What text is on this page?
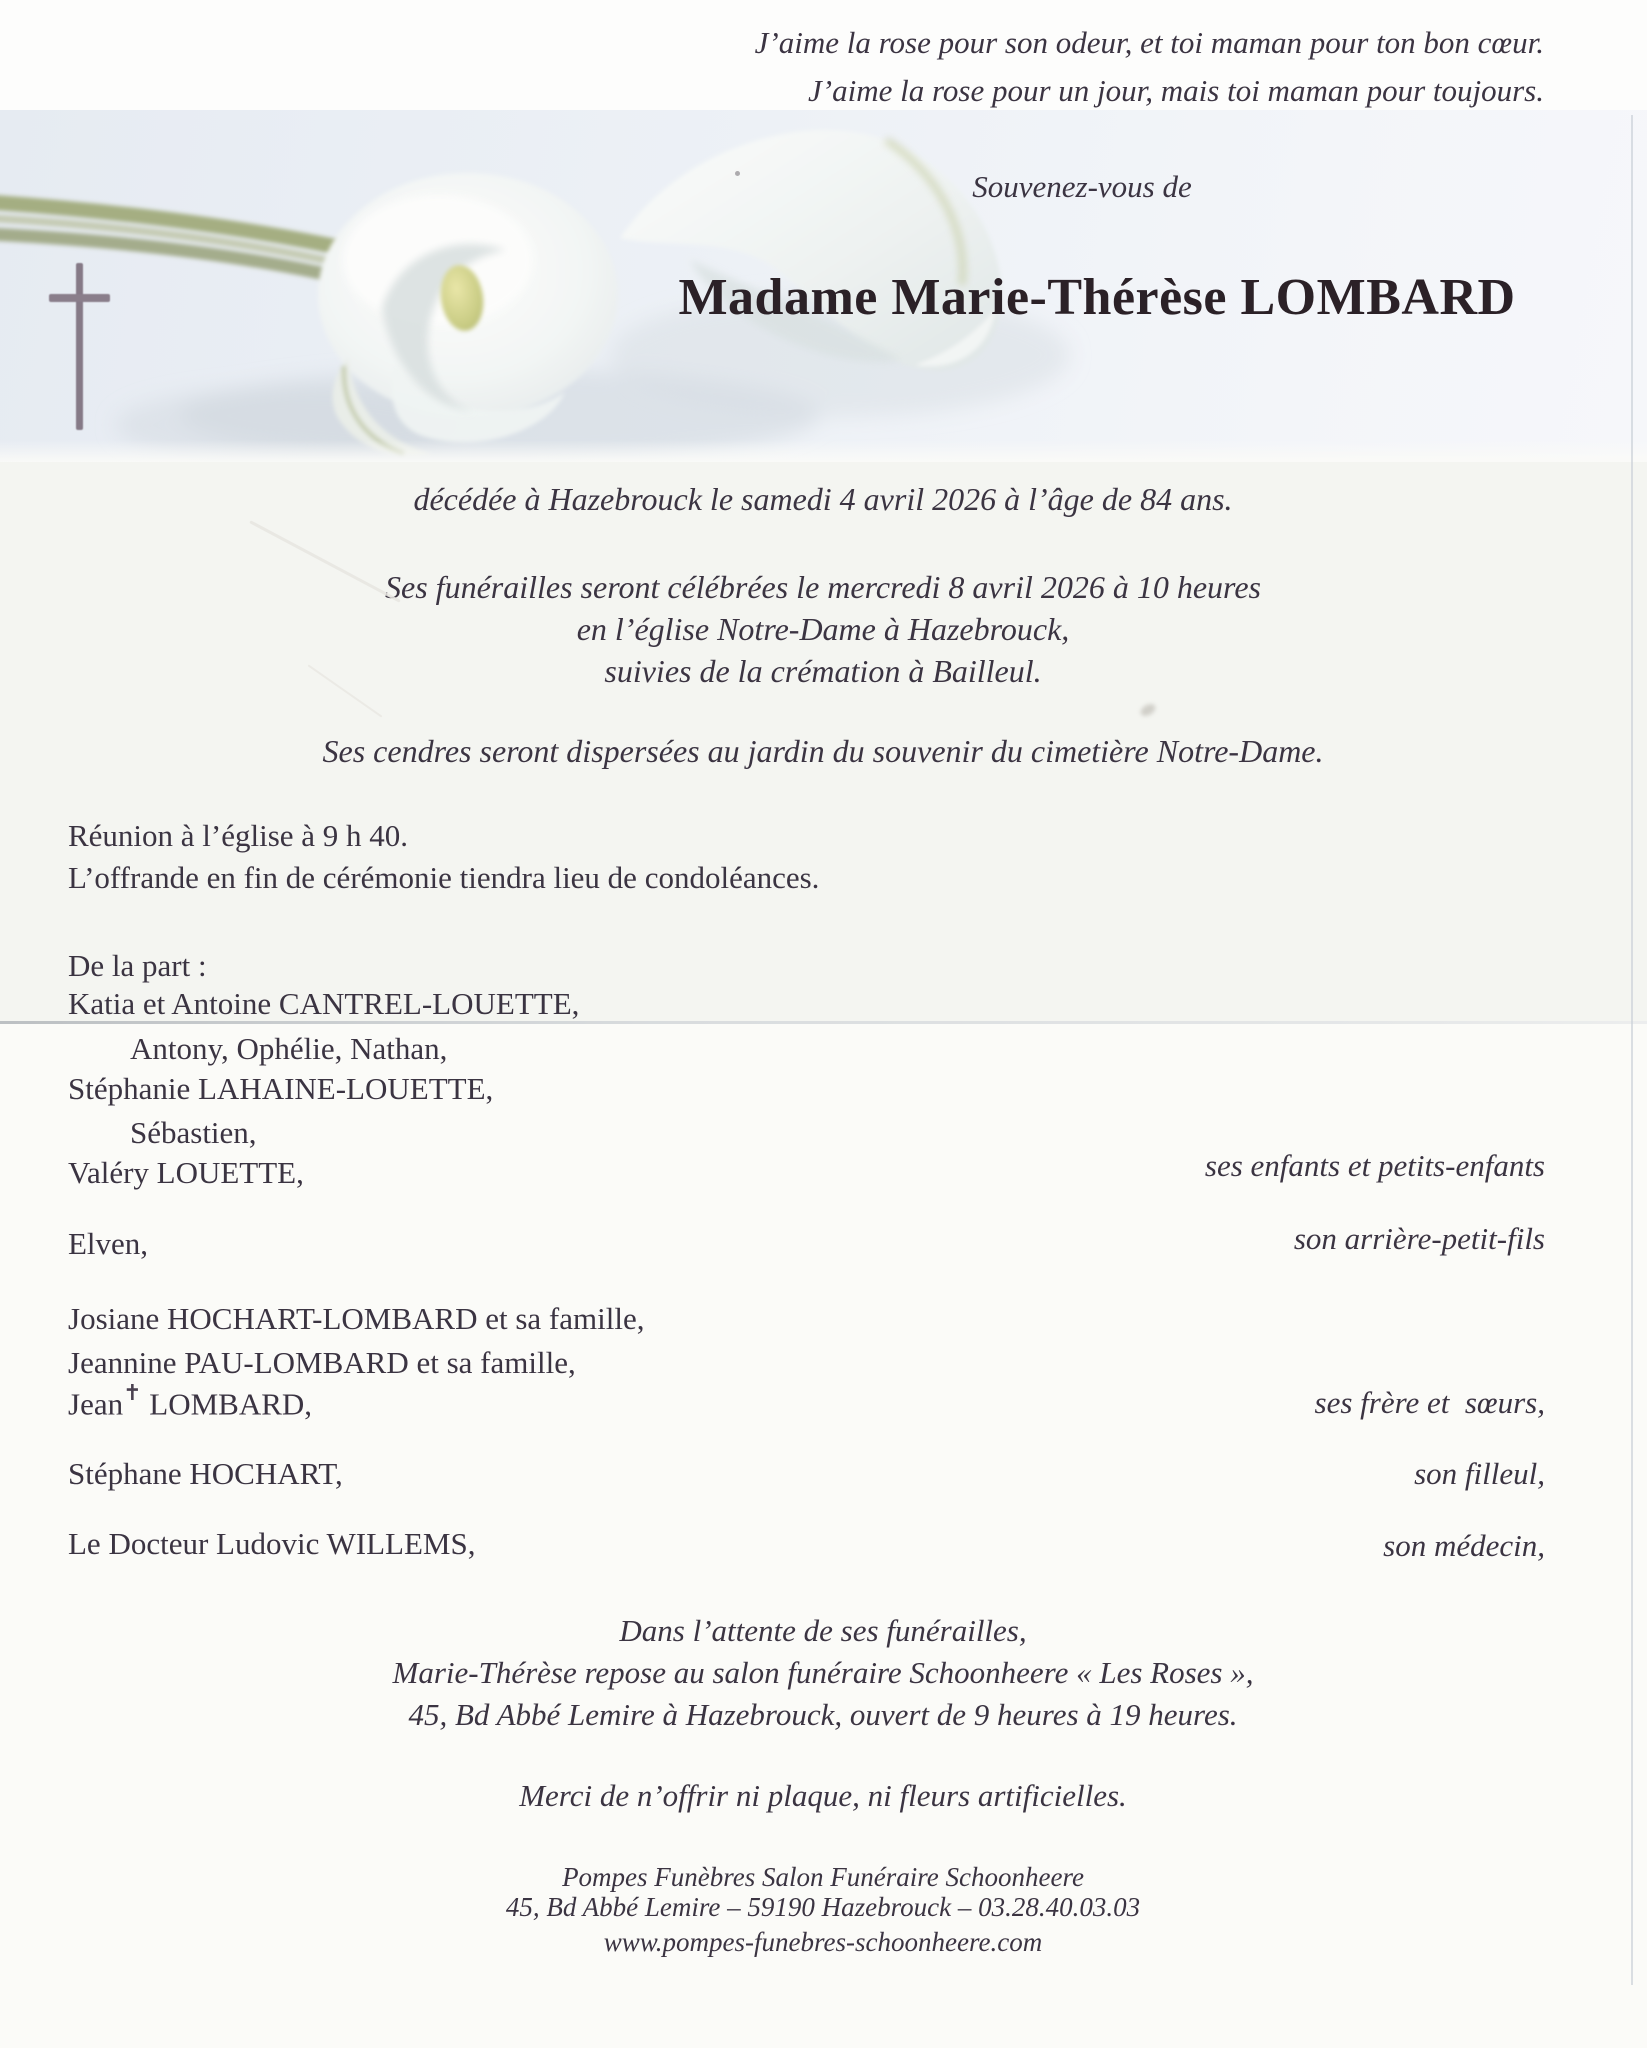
J’aime la rose pour son odeur, et toi maman pour ton bon cœur.
J’aime la rose pour un jour, mais toi maman pour toujours.
Souvenez-vous de
Madame Marie-Thérèse LOMBARD
décédée à Hazebrouck le samedi 4 avril 2026 à l’âge de 84 ans.
Ses funérailles seront célébrées le mercredi 8 avril 2026 à 10 heures
en l’église Notre-Dame à Hazebrouck,
suivies de la crémation à Bailleul.
Ses cendres seront dispersées au jardin du souvenir du cimetière Notre-Dame.
Réunion à l’église à 9 h 40.
L’offrande en fin de cérémonie tiendra lieu de condoléances.
De la part :
Katia et Antoine CANTREL-LOUETTE,
Antony, Ophélie, Nathan,
Stéphanie LAHAINE-LOUETTE,
Sébastien,
Valéry LOUETTE,
Elven,
Josiane HOCHART-LOMBARD et sa famille,
Jeannine PAU-LOMBARD et sa famille,
Jean✝ LOMBARD,
Stéphane HOCHART,
Le Docteur Ludovic WILLEMS,
ses enfants et petits-enfants
son arrière-petit-fils
ses frère et  sœurs,
son filleul,
son médecin,
Dans l’attente de ses funérailles,
Marie-Thérèse repose au salon funéraire Schoonheere « Les Roses »,
45, Bd Abbé Lemire à Hazebrouck, ouvert de 9 heures à 19 heures.
Merci de n’offrir ni plaque, ni fleurs artificielles.
Pompes Funèbres Salon Funéraire Schoonheere
45, Bd Abbé Lemire – 59190 Hazebrouck – 03.28.40.03.03
www.pompes-funebres-schoonheere.com
